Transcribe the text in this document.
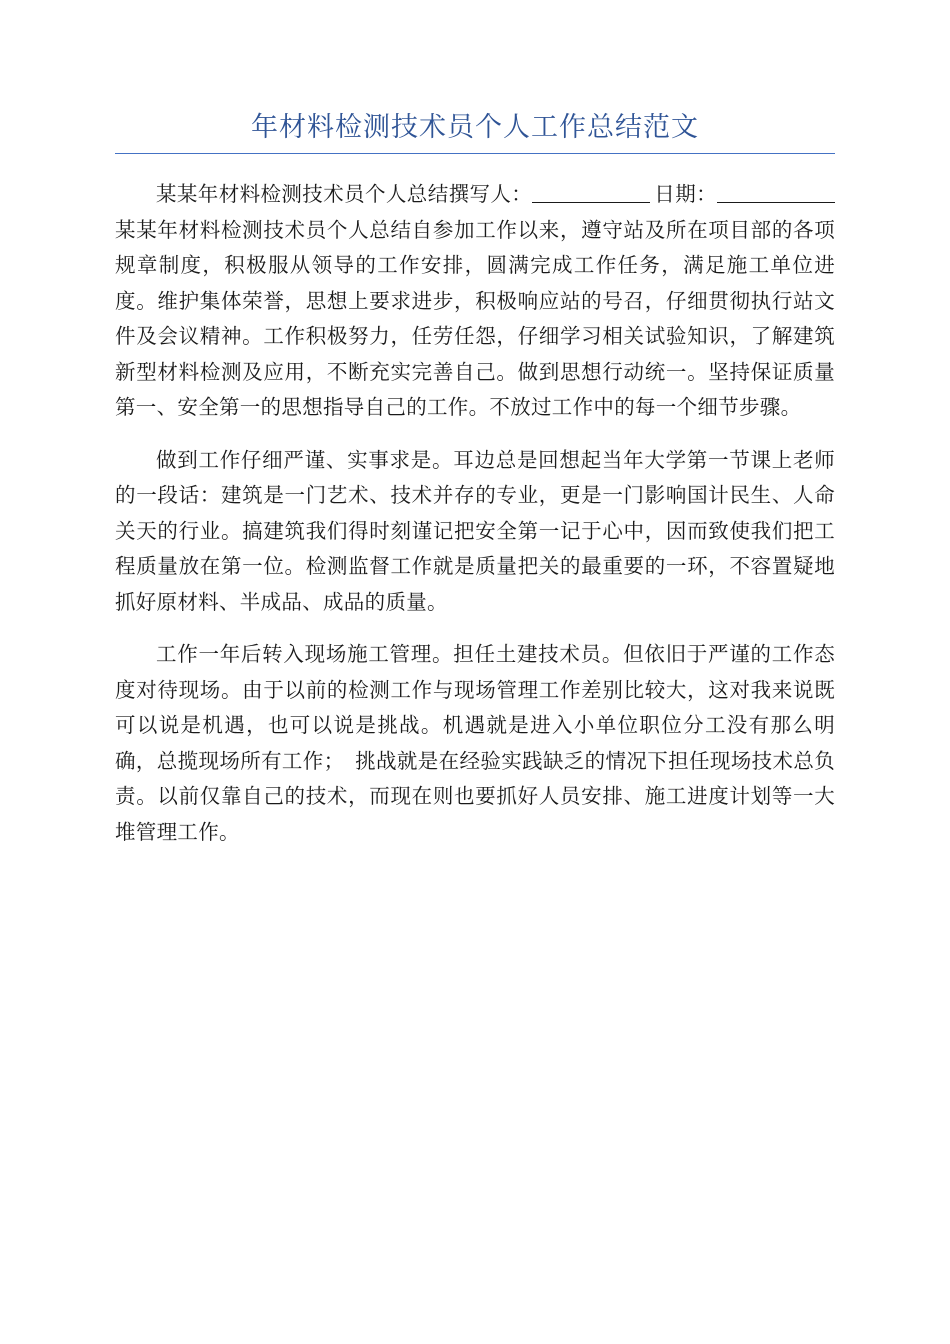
年材料检测技术员个人工作总结范文

某某年材料检测技术员个人总结撰写人：	日期：某某年材料检测技术员个人总结自参加工作以来，遵守站及所在项目部的各项规章制度，积极服从领导的工作安排，圆满完成工作任务，满足施工单位进度。维护集体荣誉，思想上要求进步，积极响应站的号召，仔细贯彻执行站文件及会议精神。工作积极努力，任劳任怨，仔细学习相关试验知识，了解建筑新型材料检测及应用，不断充实完善自己。做到思想行动统一。坚持保证质量第一、安全第一的思想指导自己的工作。不放过工作中的每一个细节步骤。

做到工作仔细严谨、实事求是。耳边总是回想起当年大学第一节课上老师的一段话：建筑是一门艺术、技术并存的专业，更是一门影响国计民生、人命关天的行业。搞建筑我们得时刻谨记把安全第一记于心中，因而致使我们把工程质量放在第一位。检测监督工作就是质量把关的最重要的一环，不容置疑地抓好原材料、半成品、成品的质量。

工作一年后转入现场施工管理。担任土建技术员。但依旧于严谨的工作态度对待现场。由于以前的检测工作与现场管理工作差别比较大，这对我来说既可以说是机遇，也可以说是挑战。机遇就是进入小单位职位分工没有那么明确，总揽现场所有工作；　挑战就是在经验实践缺乏的情况下担任现场技术总负责。以前仅靠自己的技术，而现在则也要抓好人员安排、施工进度计划等一大堆管理工作。
